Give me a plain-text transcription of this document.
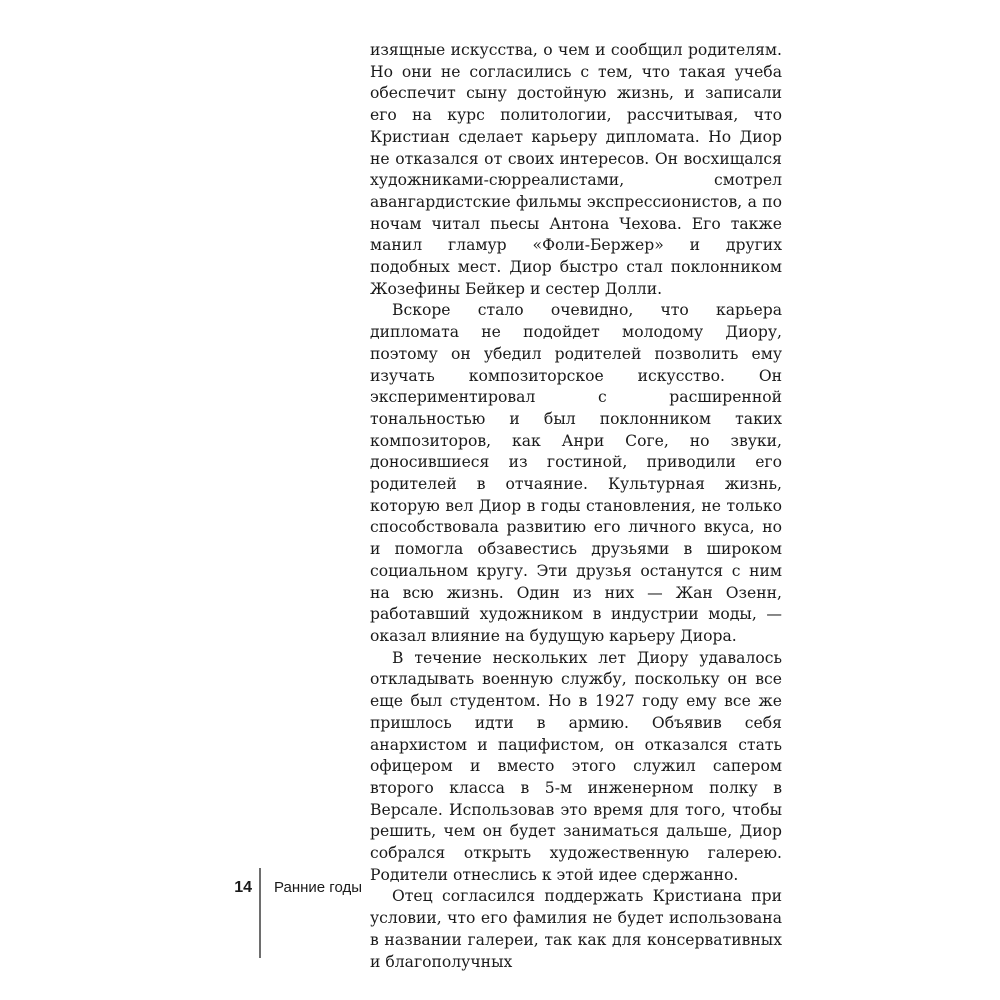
изящные искусства, о чем и сообщил родителям. Но они не согласились с тем, что такая учеба обеспечит сыну достойную жизнь, и записали его на курс политологии, рассчитывая, что Кристиан сделает карьеру дипломата. Но Диор не отказался от своих интересов. Он восхищался художниками-сюрреалистами, смотрел авангардистские фильмы экспрессионистов, а по ночам читал пьесы Антона Чехова. Его также манил гламур «Фоли-Бержер» и других подобных мест. Диор быстро стал поклонником Жозефины Бейкер и сестер Долли.

Вскоре стало очевидно, что карьера дипломата не подойдет молодому Диору, поэтому он убедил родителей позволить ему изучать композиторское искусство. Он экспериментировал с расширенной тональностью и был поклонником таких композиторов, как Анри Соге, но звуки, доносившиеся из гостиной, приводили его родителей в отчаяние. Культурная жизнь, которую вел Диор в годы становления, не только способствовала развитию его личного вкуса, но и помогла обзавестись друзьями в широком социальном кругу. Эти друзья останутся с ним на всю жизнь. Один из них — Жан Озенн, работавший художником в индустрии моды, — оказал влияние на будущую карьеру Диора.

В течение нескольких лет Диору удавалось откладывать военную службу, поскольку он все еще был студентом. Но в 1927 году ему все же пришлось идти в армию. Объявив себя анархистом и пацифистом, он отказался стать офицером и вместо этого служил сапером второго класса в 5-м инженерном полку в Версале. Использовав это время для того, чтобы решить, чем он будет заниматься дальше, Диор собрался открыть художественную галерею. Родители отнеслись к этой идее сдержанно.

Отец согласился поддержать Кристиана при условии, что его фамилия не будет использована в названии галереи, так как для консервативных и благополучных

14 Ранние годы
